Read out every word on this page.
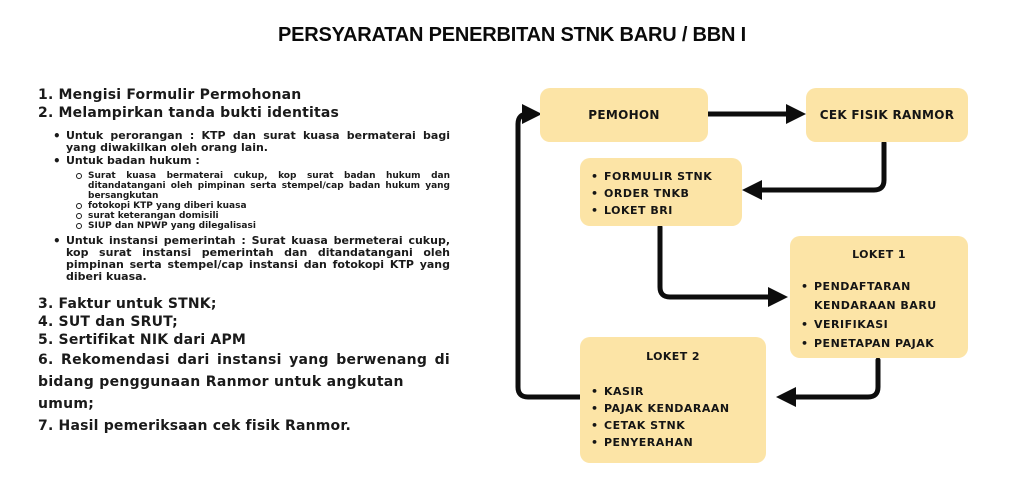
PERSYARATAN PENERBITAN STNK BARU / BBN I
1. Mengisi Formulir Permohonan
2. Melampirkan tanda bukti identitas
• Untuk perorangan : KTP dan surat kuasa bermaterai bagi yang diwakilkan oleh orang lain.
• Untuk badan hukum :
Surat kuasa bermaterai cukup, kop surat badan hukum dan ditandatangani oleh pimpinan serta stempel/cap badan hukum yang bersangkutan
fotokopi KTP yang diberi kuasa
surat keterangan domisili
SIUP dan NPWP yang dilegalisasi
• Untuk instansi pemerintah : Surat kuasa bermeterai cukup, kop surat instansi pemerintah dan ditandatangani oleh pimpinan serta stempel/cap instansi dan fotokopi KTP yang diberi kuasa.
3. Faktur untuk STNK;
4. SUT dan SRUT;
5. Sertifikat NIK dari APM
6. Rekomendasi dari instansi yang berwenang di bidang penggunaan Ranmor untuk angkutan
umum;
7. Hasil pemeriksaan cek fisik Ranmor.
PEMOHON	CEK FISIK RANMOR
• FORMULIR STNK
• ORDER TNKB
• LOKET BRI
LOKET 1
• PENDAFTARAN KENDARAAN BARU
• VERIFIKASI
• PENETAPAN PAJAK
LOKET 2
• KASIR
• PAJAK KENDARAAN
• CETAK STNK
• PENYERAHAN
